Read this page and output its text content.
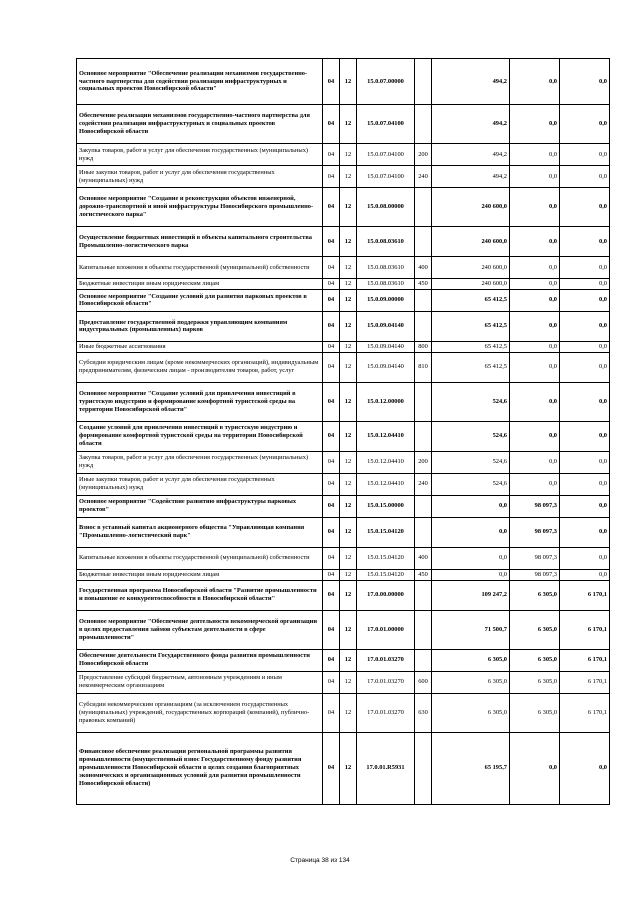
Основное мероприятие "Обеспечение реализации механизмов государственно-частного партнерства для содействия реализации инфраструктурных и социальных проектов Новосибирской области"	04	12	15.0.07.00000		494,2	0,0	0,0
Обеспечение реализации механизмов государственно-частного партнерства для содействия реализации инфраструктурных и социальных проектов Новосибирской области	04	12	15.0.07.04100		494,2	0,0	0,0
Закупка товаров, работ и услуг для обеспечения государственных (муниципальных) нужд	04	12	15.0.07.04100	200	494,2	0,0	0,0
Иные закупки товаров, работ и услуг для обеспечения государственных (муниципальных) нужд	04	12	15.0.07.04100	240	494,2	0,0	0,0
Основное мероприятие "Создание и реконструкция объектов инженерной, дорожно-транспортной и иной инфраструктуры Новосибирского промышленно-логистического парка"	04	12	15.0.08.00000		240 600,0	0,0	0,0
Осуществление бюджетных инвестиций в объекты капитального строительства Промышленно-логистического парка	04	12	15.0.08.03610		240 600,0	0,0	0,0
Капитальные вложения в объекты государственной (муниципальной) собственности	04	12	15.0.08.03610	400	240 600,0	0,0	0,0
Бюджетные инвестиции иным юридическим лицам	04	12	15.0.08.03610	450	240 600,0	0,0	0,0
Основное мероприятие "Создание условий для развития парковых проектов в Новосибирской области"	04	12	15.0.09.00000		65 412,5	0,0	0,0
Предоставление государственной поддержки управляющим компаниям индустриальных (промышленных) парков	04	12	15.0.09.04140		65 412,5	0,0	0,0
Иные бюджетные ассигнования	04	12	15.0.09.04140	800	65 412,5	0,0	0,0
Субсидии юридическим лицам (кроме некоммерческих организаций), индивидуальным предпринимателям, физическим лицам - производителям товаров, работ, услуг	04	12	15.0.09.04140	810	65 412,5	0,0	0,0
Основное мероприятие "Создание условий для привлечения инвестиций в туристскую индустрию и формирование комфортной туристской среды на территории Новосибирской области"	04	12	15.0.12.00000		524,6	0,0	0,0
Создание условий для привлечения инвестиций в туристскую индустрию и формирование комфортной туристской среды на территории Новосибирской области	04	12	15.0.12.04410		524,6	0,0	0,0
Закупка товаров, работ и услуг для обеспечения государственных (муниципальных) нужд	04	12	15.0.12.04410	200	524,6	0,0	0,0
Иные закупки товаров, работ и услуг для обеспечения государственных (муниципальных) нужд	04	12	15.0.12.04410	240	524,6	0,0	0,0
Основное мероприятие "Содействие развитию инфраструктуры парковых проектов"	04	12	15.0.15.00000		0,0	98 097,3	0,0
Взнос в уставный капитал акционерного общества "Управляющая компания "Промышленно-логистический парк"	04	12	15.0.15.04120		0,0	98 097,3	0,0
Капитальные вложения в объекты государственной (муниципальной) собственности	04	12	15.0.15.04120	400	0,0	98 097,3	0,0
Бюджетные инвестиции иным юридическим лицам	04	12	15.0.15.04120	450	0,0	98 097,3	0,0
Государственная программа Новосибирской области "Развитие промышленности и повышение ее конкурентоспособности в Новосибирской области"	04	12	17.0.00.00000		109 247,2	6 305,0	6 170,1
Основное мероприятие "Обеспечение деятельности некоммерческой организации в целях предоставления займов субъектам деятельности в сфере промышленности"	04	12	17.0.01.00000		71 500,7	6 305,0	6 170,1
Обеспечение деятельности Государственного фонда развития промышленности Новосибирской области	04	12	17.0.01.03270		6 305,0	6 305,0	6 170,1
Предоставление субсидий бюджетным, автономным учреждениям и иным некоммерческим организациям	04	12	17.0.01.03270	600	6 305,0	6 305,0	6 170,1
Субсидии некоммерческим организациям (за исключением государственных (муниципальных) учреждений, государственных корпораций (компаний), публично-правовых компаний)	04	12	17.0.01.03270	630	6 305,0	6 305,0	6 170,1
Финансовое обеспечение реализации региональной программы развития промышленности (имущественный взнос Государственному фонду развития промышленности Новосибирской области в целях создания благоприятных экономических и организационных условий для развития промышленности Новосибирской области)	04	12	17.0.01.R5931		65 195,7	0,0	0,0
Страница 38 из 134
